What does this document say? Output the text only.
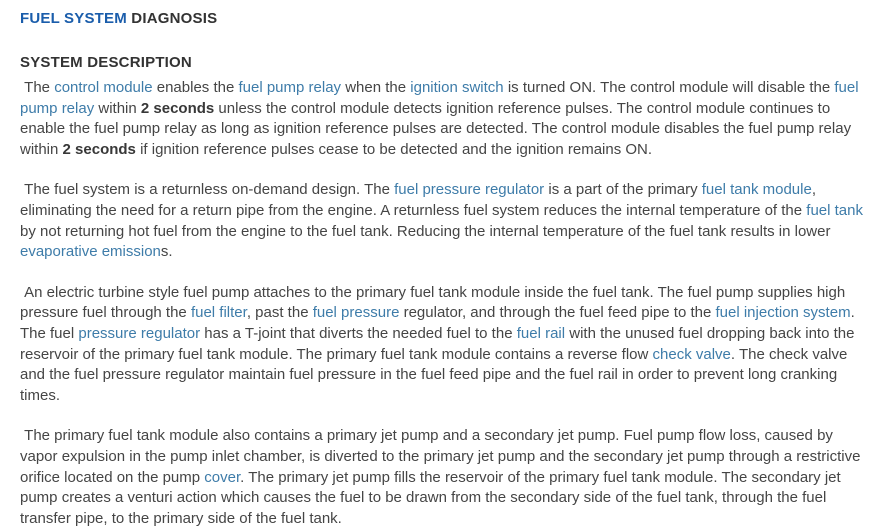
FUEL SYSTEM DIAGNOSIS
SYSTEM DESCRIPTION

The control module enables the fuel pump relay when the ignition switch is turned ON. The control module will disable the fuel pump relay within 2 seconds unless the control module detects ignition reference pulses. The control module continues to enable the fuel pump relay as long as ignition reference pulses are detected. The control module disables the fuel pump relay within 2 seconds if ignition reference pulses cease to be detected and the ignition remains ON.

The fuel system is a returnless on-demand design. The fuel pressure regulator is a part of the primary fuel tank module, eliminating the need for a return pipe from the engine. A returnless fuel system reduces the internal temperature of the fuel tank by not returning hot fuel from the engine to the fuel tank. Reducing the internal temperature of the fuel tank results in lower evaporative emissions.

An electric turbine style fuel pump attaches to the primary fuel tank module inside the fuel tank. The fuel pump supplies high pressure fuel through the fuel filter, past the fuel pressure regulator, and through the fuel feed pipe to the fuel injection system. The fuel pressure regulator has a T-joint that diverts the needed fuel to the fuel rail with the unused fuel dropping back into the reservoir of the primary fuel tank module. The primary fuel tank module contains a reverse flow check valve. The check valve and the fuel pressure regulator maintain fuel pressure in the fuel feed pipe and the fuel rail in order to prevent long cranking times.

The primary fuel tank module also contains a primary jet pump and a secondary jet pump. Fuel pump flow loss, caused by vapor expulsion in the pump inlet chamber, is diverted to the primary jet pump and the secondary jet pump through a restrictive orifice located on the pump cover. The primary jet pump fills the reservoir of the primary fuel tank module. The secondary jet pump creates a venturi action which causes the fuel to be drawn from the secondary side of the fuel tank, through the fuel transfer pipe, to the primary side of the fuel tank.
